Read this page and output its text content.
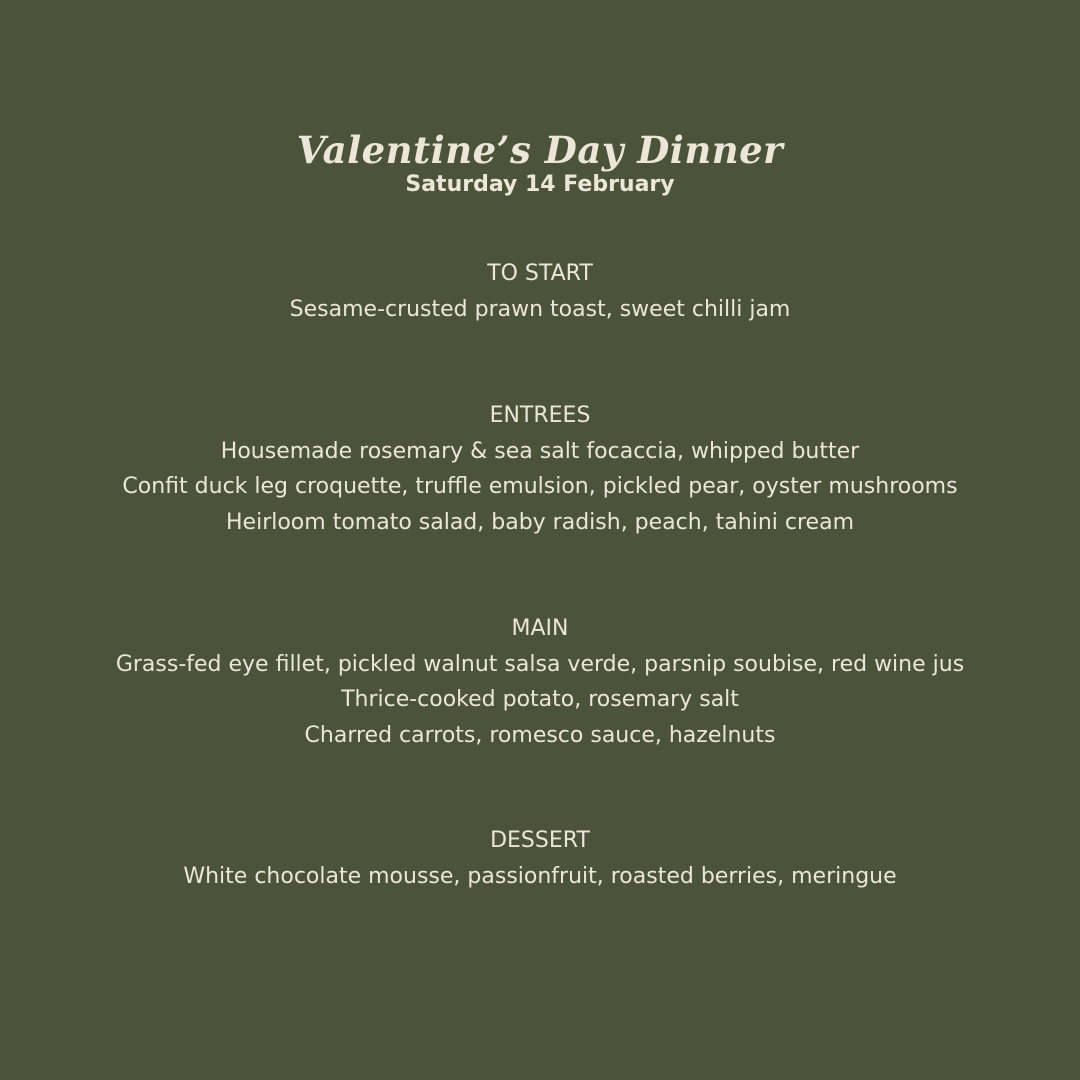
Valentine’s Day Dinner
Saturday 14 February
TO START
Sesame-crusted prawn toast, sweet chilli jam
ENTREES
Housemade rosemary & sea salt focaccia, whipped butter
Confit duck leg croquette, truffle emulsion, pickled pear, oyster mushrooms
Heirloom tomato salad, baby radish, peach, tahini cream
MAIN
Grass-fed eye fillet, pickled walnut salsa verde, parsnip soubise, red wine jus
Thrice-cooked potato, rosemary salt
Charred carrots, romesco sauce, hazelnuts
DESSERT
White chocolate mousse, passionfruit, roasted berries, meringue
